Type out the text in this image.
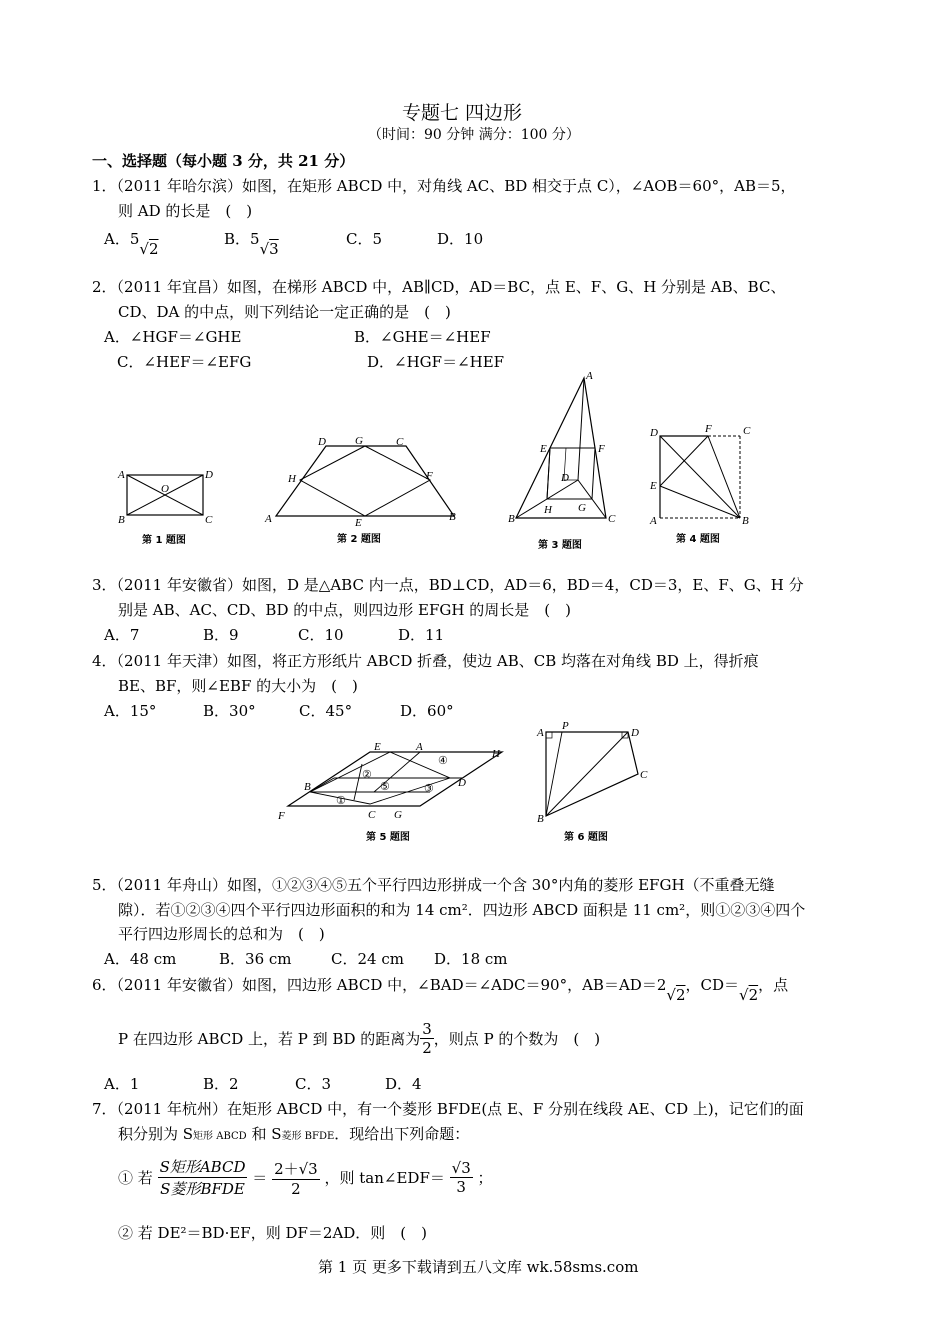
专题七 四边形
（时间：90 分钟 满分：100 分）
一、选择题（每小题 3 分，共 21 分）
1．（2011 年哈尔滨）如图，在矩形 ABCD 中，对角线 AC、BD 相交于点 C），∠AOB＝60°，AB＝5，
则 AD 的长是　(　)
A．5√2
B．5√3
C．5	D．10
2．（2011 年宜昌）如图，在梯形 ABCD 中，AB∥CD，AD＝BC，点 E、F、G、H 分别是 AB、BC、
CD、DA 的中点，则下列结论一定正确的是　(　)
A．∠HGF＝∠GHE	B．∠GHE＝∠HEF
C．∠HEF＝∠EFG	D．∠HGF＝∠HEF
A	D
O
B	C
第 1 题图
D	G	C
H	F
A	E	B
第 2 题图
A
E	F
D
H G
B	C
第 3 题图
D	F	C
E
A	B
第 4 题图
3．（2011 年安徽省）如图，D 是△ABC 内一点，BD⊥CD，AD＝6，BD＝4，CD＝3，E、F、G、H 分
别是 AB、AC、CD、BD 的中点，则四边形 EFGH 的周长是　(　)
A．7	B．9	C．10	D．11
4．（2011 年天津）如图，将正方形纸片 ABCD 折叠，使边 AB、CB 均落在对角线 BD 上，得折痕
BE、BF，则∠EBF 的大小为　(　)
A．15°	B．30°	C．45°	D．60°
E	A
H
B	D
F	C G
①
②
③
④
⑤
第 5 题图
P
A	D
C
B
第 6 题图
5．（2011 年舟山）如图，①②③④⑤五个平行四边形拼成一个含 30°内角的菱形 EFGH（不重叠无缝
隙）．若①②③④四个平行四边形面积的和为 14 cm²．四边形 ABCD 面积是 11 cm²，则①②③④四个
平行四边形周长的总和为　(　)
A．48 cm	B．36 cm	C．24 cm D．18 cm
6．（2011 年安徽省）如图，四边形 ABCD 中，∠BAD＝∠ADC＝90°，AB＝AD＝2√2，CD＝√2，点
P 在四边形 ABCD 上，若 P 到 BD 的距离为 $\frac{3}{2}$ ，则点 P 的个数为　(　)
A．1	B．2	C．3	D．4
7．（2011 年杭州）在矩形 ABCD 中，有一个菱形 BFDE(点 E、F 分别在线段 AE、CD 上)，记它们的面
积分别为 S矩形 ABCD 和 S菱形 BFDE．现给出下列命题：
① 若 $\frac{\text{S矩形ABCD}}{\text{S菱形BFDE}} = \frac{2+√3}{2}$ ，则 tan∠EDF＝ $\frac{√3}{3}$ ；
② 若 DE²＝BD·EF，则 DF＝2AD．则　(　)
第 1 页 更多下载请到五八文库 wk.58sms.com
